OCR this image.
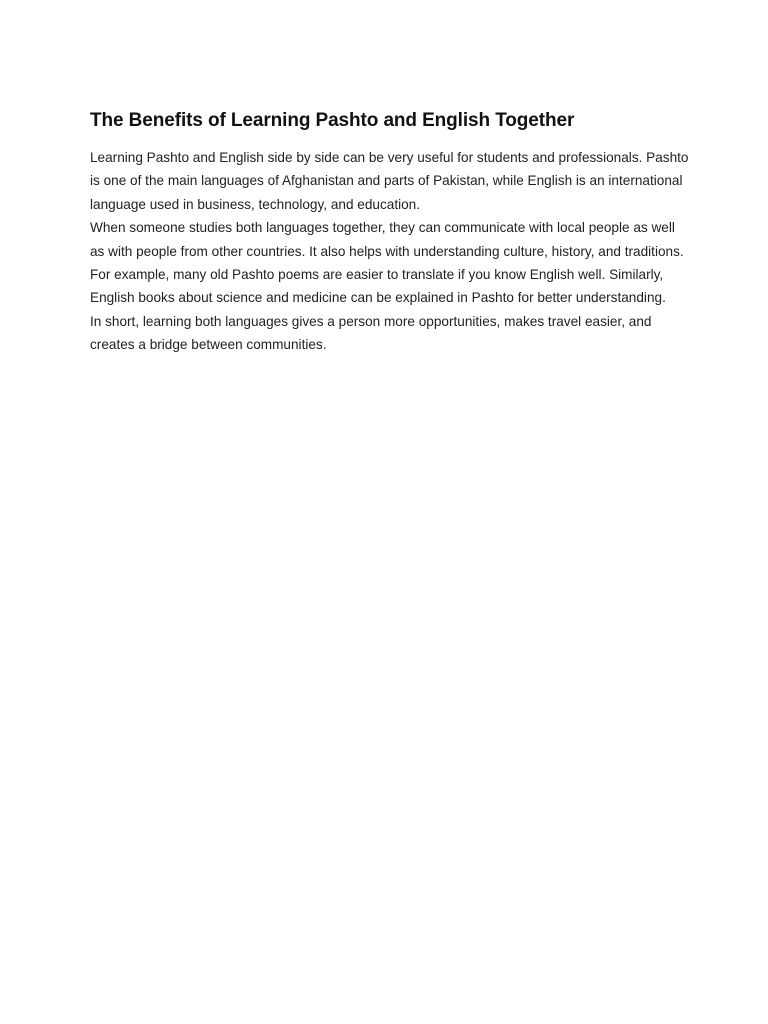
The Benefits of Learning Pashto and English Together

Learning Pashto and English side by side can be very useful for students and professionals. Pashto is one of the main languages of Afghanistan and parts of Pakistan, while English is an international language used in business, technology, and education.

When someone studies both languages together, they can communicate with local people as well as with people from other countries. It also helps with understanding culture, history, and traditions. For example, many old Pashto poems are easier to translate if you know English well. Similarly, English books about science and medicine can be explained in Pashto for better understanding.

In short, learning both languages gives a person more opportunities, makes travel easier, and creates a bridge between communities.
